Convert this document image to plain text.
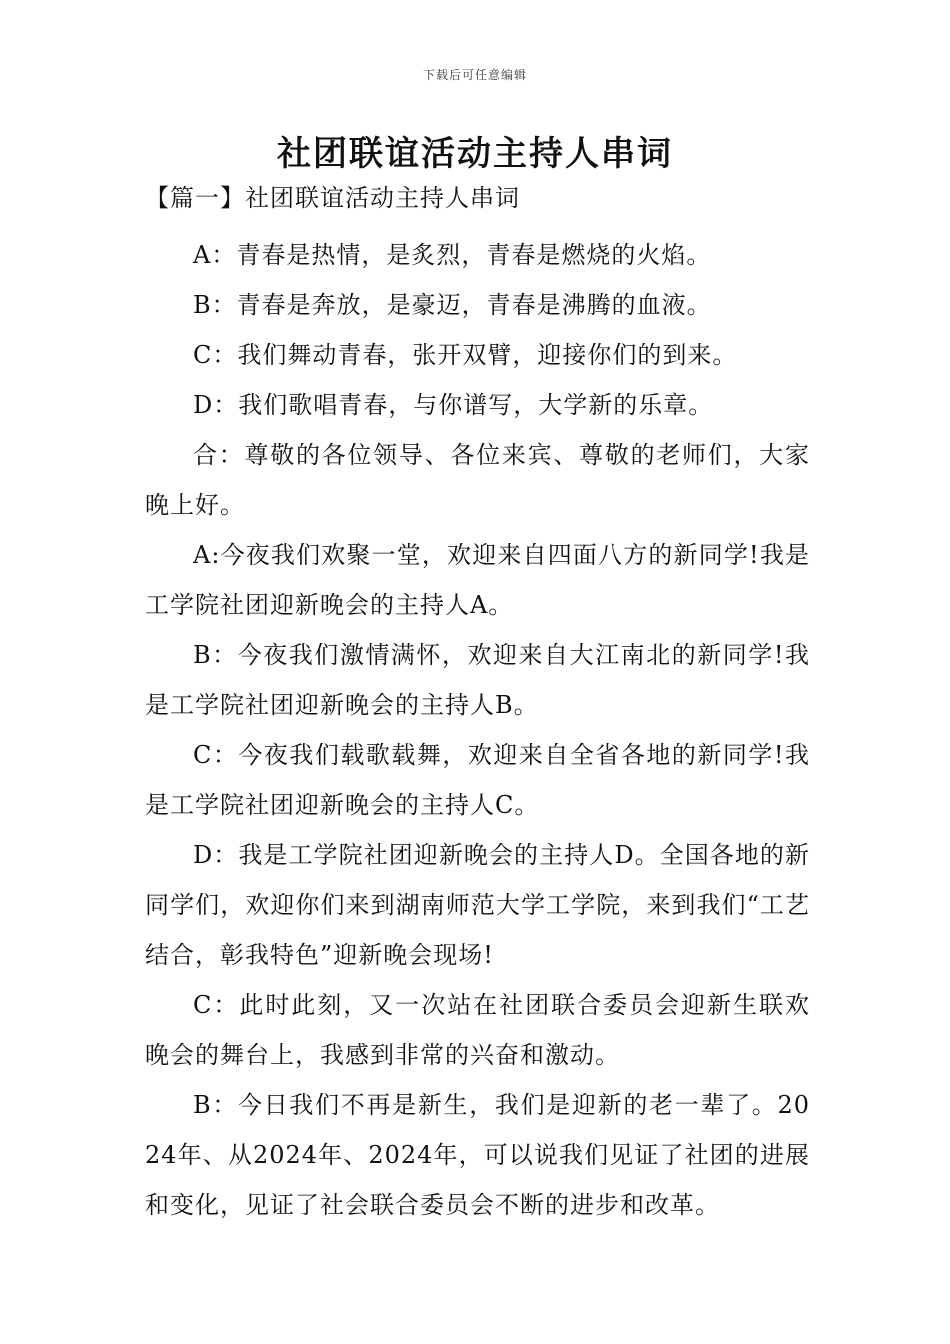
下载后可任意编辑
社团联谊活动主持人串词

【篇一】社团联谊活动主持人串词

A：青春是热情，是炙烈，青春是燃烧的火焰。

B：青春是奔放，是豪迈，青春是沸腾的血液。

C：我们舞动青春，张开双臂，迎接你们的到来。

D：我们歌唱青春，与你谱写，大学新的乐章。

合：尊敬的各位领导、各位来宾、尊敬的老师们，大家晚上好。

A:今夜我们欢聚一堂，欢迎来自四面八方的新同学!我是工学院社团迎新晚会的主持人A。

B：今夜我们激情满怀，欢迎来自大江南北的新同学!我是工学院社团迎新晚会的主持人B。

C：今夜我们载歌载舞，欢迎来自全省各地的新同学!我是工学院社团迎新晚会的主持人C。

D：我是工学院社团迎新晚会的主持人D。全国各地的新同学们，欢迎你们来到湖南师范大学工学院，来到我们“工艺结合，彰我特色”迎新晚会现场!

C：此时此刻，又一次站在社团联合委员会迎新生联欢晚会的舞台上，我感到非常的兴奋和激动。

B：今日我们不再是新生，我们是迎新的老一辈了。2024年、从2024年、2024年，可以说我们见证了社团的进展和变化，见证了社会联合委员会不断的进步和改革。
